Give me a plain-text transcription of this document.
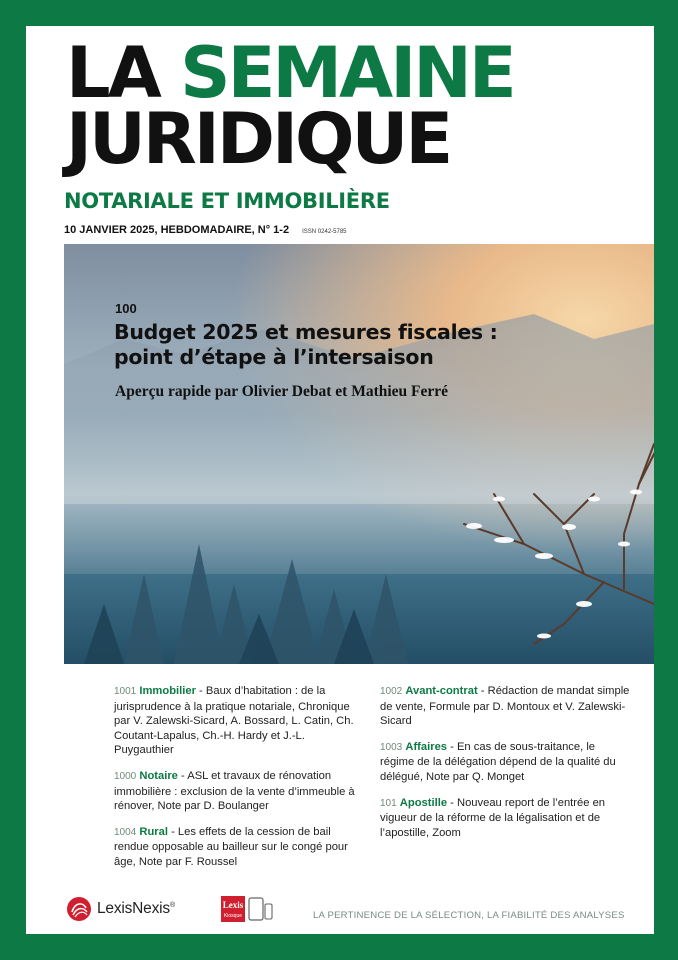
LA SEMAINE
JURIDIQUE
NOTARIALE ET IMMOBILIÈRE
10 JANVIER 2025, HEBDOMADAIRE, N° 1-2 ISSN 0242-5785
100
Budget 2025 et mesures fiscales :
point d’étape à l’intersaison
Aperçu rapide par Olivier Debat et Mathieu Ferré
1001 Immobilier - Baux d’habitation : de la jurisprudence à la pratique notariale, Chronique par V. Zalewski-Sicard, A. Bossard, L. Catin, Ch. Coutant-Lapalus, Ch.-H. Hardy et J.-L. Puygauthier
1000 Notaire - ASL et travaux de rénovation immobilière : exclusion de la vente d’immeuble à rénover, Note par D. Boulanger
1004 Rural - Les effets de la cession de bail rendue opposable au bailleur sur le congé pour âge, Note par F. Roussel
1002 Avant-contrat - Rédaction de mandat simple de vente, Formule par D. Montoux et V. Zalewski-Sicard
1003 Affaires - En cas de sous-traitance, le régime de la délégation dépend de la qualité du délégué, Note par Q. Monget
101 Apostille - Nouveau report de l’entrée en vigueur de la réforme de la légalisation et de l’apostille, Zoom
LexisNexis®	Lexis
Kiosque	LA PERTINENCE DE LA SÉLECTION, LA FIABILITÉ DES ANALYSES
